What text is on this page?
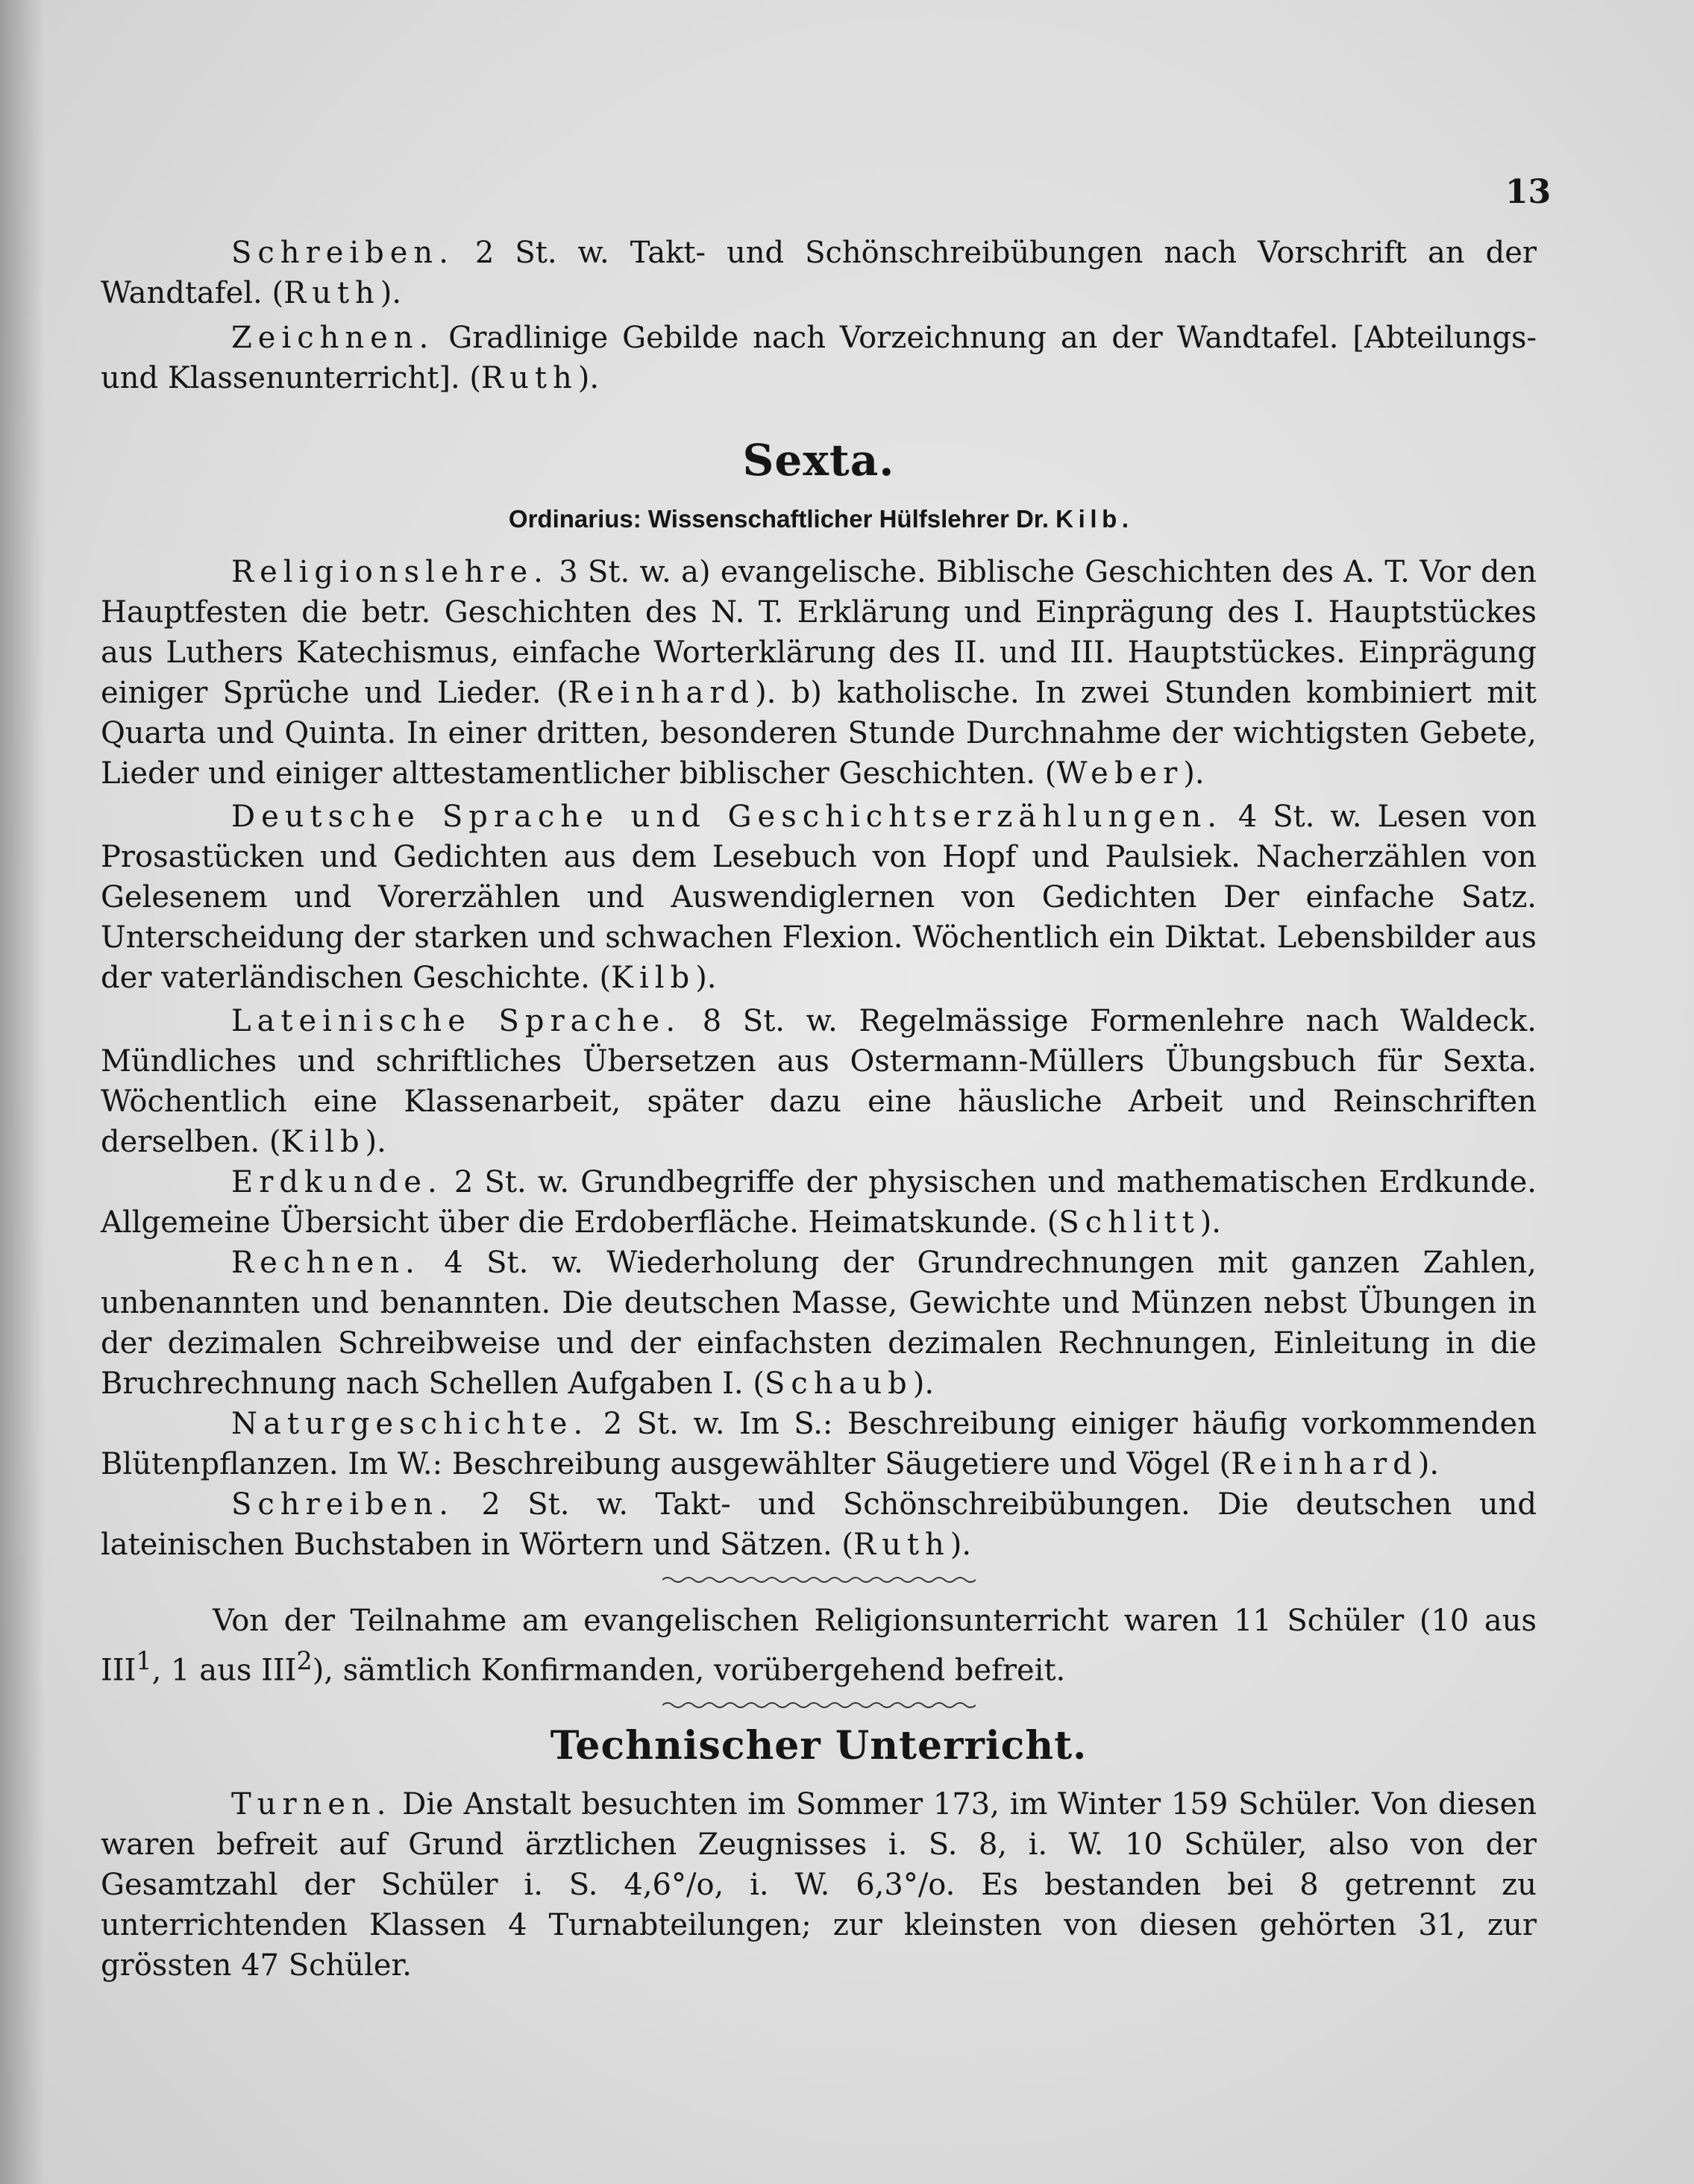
13

Schreiben. 2 St. w. Takt- und Schönschreibübungen nach Vorschrift an der Wandtafel. (Ruth).

Zeichnen. Gradlinige Gebilde nach Vorzeichnung an der Wandtafel. [Abteilungs- und Klassenunterricht]. (Ruth).

Sexta.
Ordinarius: Wissenschaftlicher Hülfslehrer Dr. Kilb.

Religionslehre. 3 St. w. a) evangelische. Biblische Geschichten des A. T. Vor den Hauptfesten die betr. Geschichten des N. T. Erklärung und Einprägung des I. Hauptstückes aus Luthers Katechismus, einfache Worterklärung des II. und III. Hauptstückes. Einprägung einiger Sprüche und Lieder. (Reinhard). b) katholische. In zwei Stunden kombiniert mit Quarta und Quinta. In einer dritten, besonderen Stunde Durchnahme der wichtigsten Gebete, Lieder und einiger alttestamentlicher biblischer Geschichten. (Weber).

Deutsche Sprache und Geschichtserzählungen. 4 St. w. Lesen von Prosastücken und Gedichten aus dem Lesebuch von Hopf und Paulsiek. Nacherzählen von Gelesenem und Vorerzählen und Auswendiglernen von Gedichten Der einfache Satz. Unterscheidung der starken und schwachen Flexion. Wöchentlich ein Diktat. Lebensbilder aus der vaterländischen Geschichte. (Kilb).

Lateinische Sprache. 8 St. w. Regelmässige Formenlehre nach Waldeck. Mündliches und schriftliches Übersetzen aus Ostermann-Müllers Übungsbuch für Sexta. Wöchentlich eine Klassenarbeit, später dazu eine häusliche Arbeit und Reinschriften derselben. (Kilb).

Erdkunde. 2 St. w. Grundbegriffe der physischen und mathematischen Erdkunde. Allgemeine Übersicht über die Erdoberfläche. Heimatskunde. (Schlitt).

Rechnen. 4 St. w. Wiederholung der Grundrechnungen mit ganzen Zahlen, unbenannten und benannten. Die deutschen Masse, Gewichte und Münzen nebst Übungen in der dezimalen Schreibweise und der einfachsten dezimalen Rechnungen, Einleitung in die Bruchrechnung nach Schellen Aufgaben I. (Schaub).

Naturgeschichte. 2 St. w. Im S.: Beschreibung einiger häufig vorkommenden Blütenpflanzen. Im W.: Beschreibung ausgewählter Säugetiere und Vögel (Reinhard).

Schreiben. 2 St. w. Takt- und Schönschreibübungen. Die deutschen und lateinischen Buchstaben in Wörtern und Sätzen. (Ruth).

Von der Teilnahme am evangelischen Religionsunterricht waren 11 Schüler (10 aus III$^1$, 1 aus III$^2$), sämtlich Konfirmanden, vorübergehend befreit.

Technischer Unterricht.

Turnen. Die Anstalt besuchten im Sommer 173, im Winter 159 Schüler. Von diesen waren befreit auf Grund ärztlichen Zeugnisses i. S. 8, i. W. 10 Schüler, also von der Gesamtzahl der Schüler i. S. 4,6°/o, i. W. 6,3°/o. Es bestanden bei 8 getrennt zu unterrichtenden Klassen 4 Turnabteilungen; zur kleinsten von diesen gehörten 31, zur grössten 47 Schüler.
